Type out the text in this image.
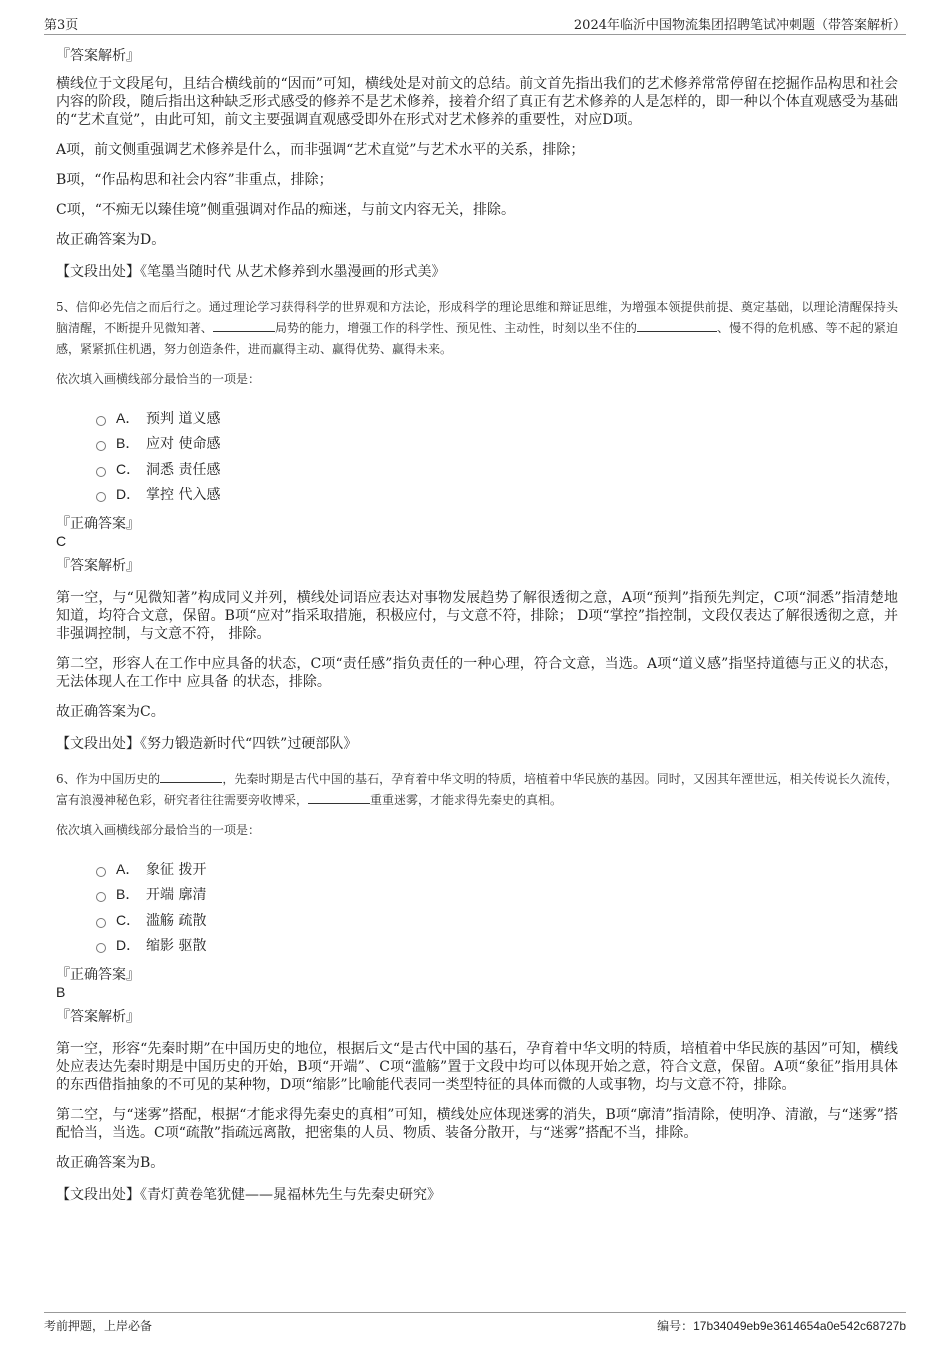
第3页	2024年临沂中国物流集团招聘笔试冲刺题（带答案解析）
『答案解析』

横线位于文段尾句，且结合横线前的“因而”可知，横线处是对前文的总结。前文首先指出我们的艺术修养常常停留在挖掘作品构思和社会内容的阶段，随后指出这种缺乏形式感受的修养不是艺术修养，接着介绍了真正有艺术修养的人是怎样的，即一种以个体直观感受为基础的“艺术直觉”，由此可知，前文主要强调直观感受即外在形式对艺术修养的重要性，对应D项。

A项，前文侧重强调艺术修养是什么，而非强调“艺术直觉”与艺术水平的关系，排除；

B项，“作品构思和社会内容”非重点，排除；

C项，“不痴无以臻佳境”侧重强调对作品的痴迷，与前文内容无关，排除。

故正确答案为D。

【文段出处】《笔墨当随时代 从艺术修养到水墨漫画的形式美》
5、信仰必先信之而后行之。通过理论学习获得科学的世界观和方法论，形成科学的理论思维和辩证思维，为增强本领提供前提、奠定基础，以理论清醒保持头脑清醒，不断提升见微知著、	局势的能力，增强工作的科学性、预见性、主动性，时刻以坐不住的	、慢不得的危机感、等不起的紧迫感，紧紧抓住机遇，努力创造条件，进而赢得主动、赢得优势、赢得未来。
依次填入画横线部分最恰当的一项是：
A． 预判 道义感
B． 应对 使命感
C． 洞悉 责任感
D． 掌控 代入感
『正确答案』
C
『答案解析』

第一空，与“见微知著”构成同义并列，横线处词语应表达对事物发展趋势了解很透彻之意，A项“预判”指预先判定，C项“洞悉”指清楚地知道，均符合文意，保留。B项“应对”指采取措施，积极应付，与文意不符，排除； D项“掌控”指控制，文段仅表达了解很透彻之意，并非强调控制，与文意不符， 排除。

第二空，形容人在工作中应具备的状态，C项“责任感”指负责任的一种心理，符合文意，当选。A项“道义感”指坚持道德与正义的状态，无法体现人在工作中 应具备 的状态，排除。

故正确答案为C。

【文段出处】《努力锻造新时代“四铁”过硬部队》
6、作为中国历史的	，先秦时期是古代中国的基石，孕育着中华文明的特质，培植着中华民族的基因。同时，又因其年湮世远，相关传说长久流传，富有浪漫神秘色彩，研究者往往需要旁收博采，	重重迷雾，才能求得先秦史的真相。
依次填入画横线部分最恰当的一项是：
A． 象征 拨开
B． 开端 廓清
C． 滥觞 疏散
D． 缩影 驱散
『正确答案』
B
『答案解析』

第一空，形容“先秦时期”在中国历史的地位，根据后文“是古代中国的基石，孕育着中华文明的特质，培植着中华民族的基因”可知，横线处应表达先秦时期是中国历史的开始，B项“开端”、C项“滥觞”置于文段中均可以体现开始之意，符合文意，保留。A项“象征”指用具体的东西借指抽象的不可见的某种物，D项“缩影”比喻能代表同一类型特征的具体而微的人或事物，均与文意不符，排除。

第二空，与“迷雾”搭配，根据“才能求得先秦史的真相”可知，横线处应体现迷雾的消失，B项“廓清”指清除，使明净、清澈，与“迷雾”搭配恰当，当选。C项“疏散”指疏远离散，把密集的人员、物质、装备分散开，与“迷雾”搭配不当，排除。

故正确答案为B。

【文段出处】《青灯黄卷笔犹健——晁福林先生与先秦史研究》
考前押题，上岸必备	编号：17b34049eb9e3614654a0e542c68727b
